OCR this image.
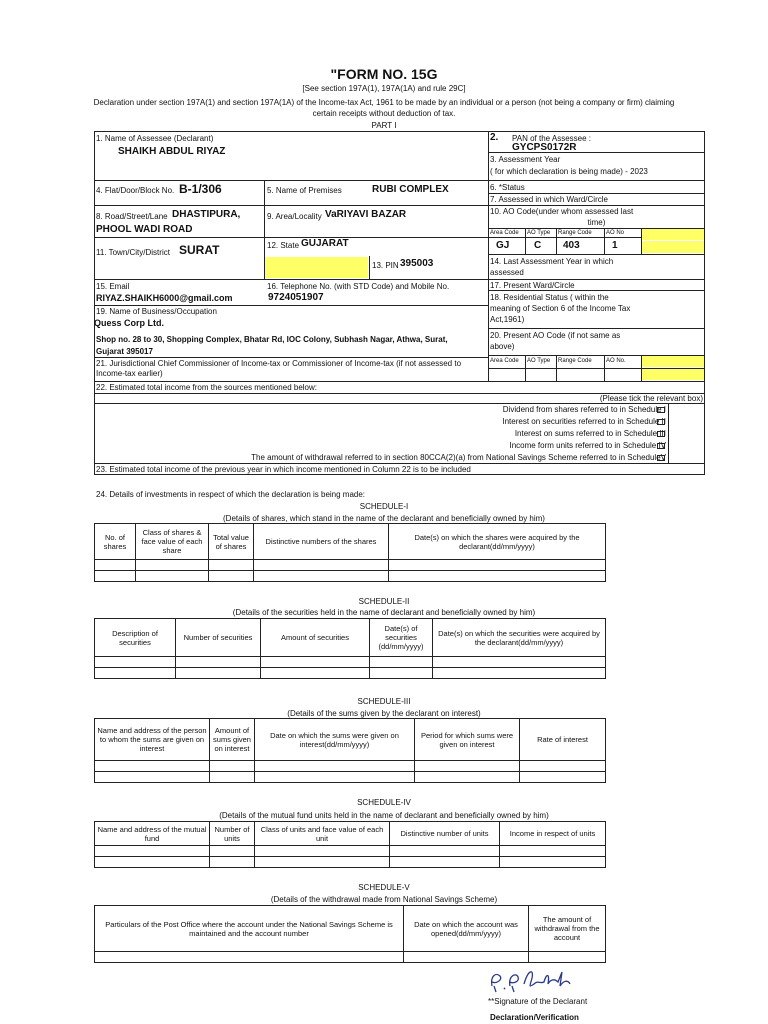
"FORM NO. 15G
[See section 197A(1), 197A(1A) and rule 29C]
Declaration under section 197A(1) and section 197A(1A) of the Income-tax Act, 1961 to be made by an individual or a person (not being a company or firm) claiming
certain receipts without deduction of tax.
PART I
1. Name of Assessee (Declarant)
SHAIKH ABDUL RIYAZ
2. PAN of the Assessee :
GYCPS0172R
3. Assessment Year
( for which declaration is being made) - 2023
4. Flat/Door/Block No. B-1/306	5. Name of Premises	RUBI COMPLEX	6. *Status
7. Assessed in which Ward/Circle
8. Road/Street/Lane DHASTIPURA,
PHOOL WADI ROAD
9. Area/Locality VaRIYAVI BAZAR	10. AO Code(under whom assessed last
time)
Area Code AO Type Range Code AO No
GJ C 403	1
11. Town/City/District SURAT	12. State GUJARAT
13. PIN 395003	14. Last Assessment Year in which
assessed
15. Email
RIYAZ.SHAIKH6000@gmail.com
16. Telephone No. (with STD Code) and Mobile No.
9724051907
17. Present Ward/Circle
18. Residential Status ( within the
meaning of Section 6 of the Income Tax
Act,1961)
19. Name of Business/Occupation
Quess Corp Ltd.
Shop no. 28 to 30, Shopping Complex, Bhatar Rd, IOC Colony, Subhash Nagar, Athwa, Surat,
Gujarat 395017
20. Present AO Code (if not same as
above)
21. Jurisdictional Chief Commissioner of Income-tax or Commissioner of Income-tax (if not assessed to
Income-tax earlier)
Area Code AO Type Range Code AO No.
22. Estimated total income from the sources mentioned below:
(Please tick the relevant box)
Dividend from shares referred to in Schedule I
Interest on securities referred to in Schedule II
Interest on sums referred to in Schedule III
Income form units referred to in Schedule IV
The amount of withdrawal referred to in section 80CCA(2)(a) from National Savings Scheme referred to in ScheduleV
23. Estimated total income of the previous year in which income mentioned in Column 22 is to be included
24. Details of investments in respect of which the declaration is being made:
SCHEDULE-I
(Details of shares, which stand in the name of the declarant and beneficially owned by him)
No. of shares	Class of shares & face value of each share	Total value of shares	Distinctive numbers of the shares	Date(s) on which the shares were acquired by the declarant(dd/mm/yyyy)

SCHEDULE-II
(Details of the securities held in the name of declarant and beneficially owned by him)
Description of securities	Number of securities	Amount of securities	Date(s) of securities (dd/mm/yyyy)	Date(s) on which the securities were acquired by the declarant(dd/mm/yyyy)

SCHEDULE-III
(Details of the sums given by the declarant on interest)
Name and address of the person to whom the sums are given on interest	Amount of sums given on interest	Date on which the sums were given on interest(dd/mm/yyyy)	Period for which sums were given on interest	Rate of interest

SCHEDULE-IV
(Details of the mutual fund units held in the name of declarant and beneficially owned by him)
Name and address of the mutual fund	Number of units	Class of units and face value of each unit	Distinctive number of units	Income in respect of units

SCHEDULE-V
(Details of the withdrawal made from National Savings Scheme)
Particulars of the Post Office where the account under the National Savings Scheme is maintained and the account number	Date on which the account was opened(dd/mm/yyyy)	The amount of withdrawal from the account

**Signature of the Declarant
Declaration/Verification
